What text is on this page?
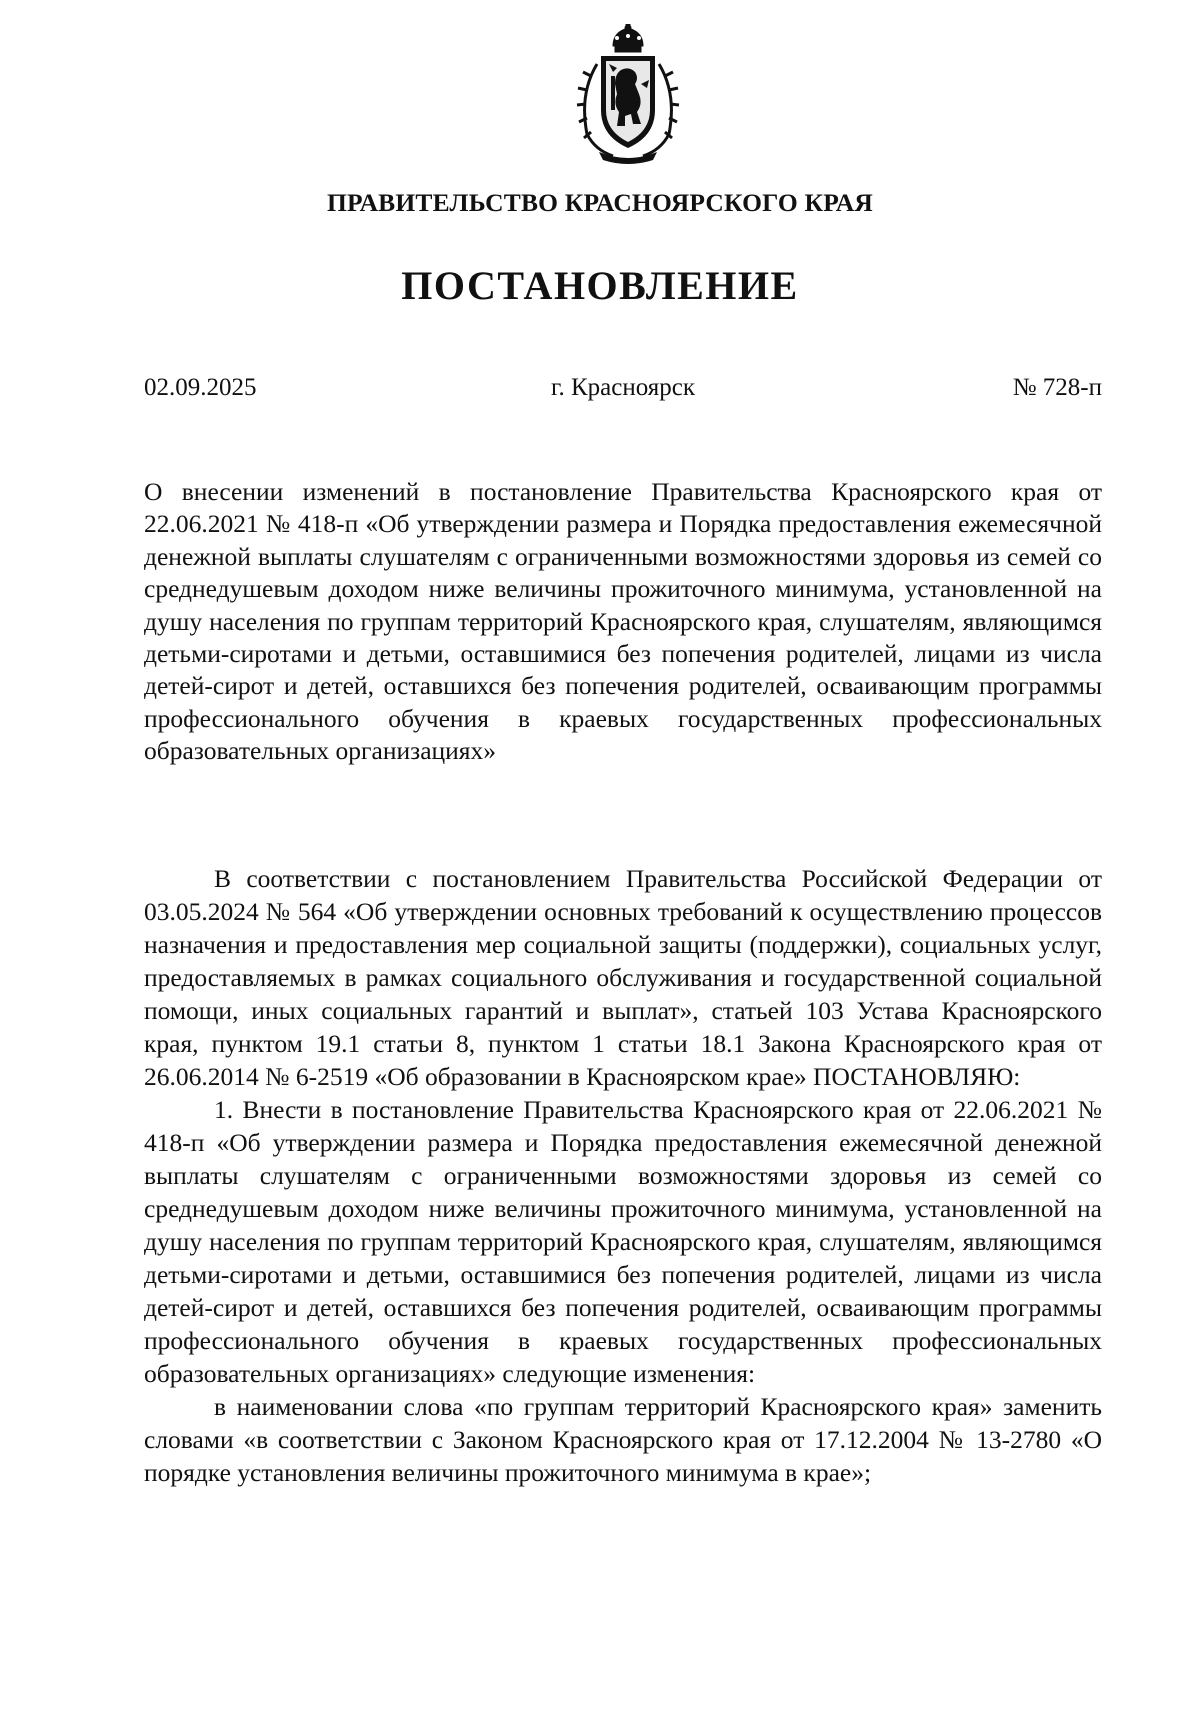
ПРАВИТЕЛЬСТВО КРАСНОЯРСКОГО КРАЯ
ПОСТАНОВЛЕНИЕ
02.09.2025	г. Красноярск	№ 728-п
О внесении изменений в постановление Правительства Красноярского края от 22.06.2021 № 418-п «Об утверждении размера и Порядка предоставления ежемесячной денежной выплаты слушателям с ограниченными возможностями здоровья из семей со среднедушевым доходом ниже величины прожиточного минимума, установленной на душу населения по группам территорий Красноярского края, слушателям, являющимся детьми-сиротами и детьми, оставшимися без попечения родителей, лицами из числа детей-сирот и детей, оставшихся без попечения родителей, осваивающим программы профессионального обучения в краевых государственных профессиональных образовательных организациях»

В соответствии с постановлением Правительства Российской Федерации от 03.05.2024 № 564 «Об утверждении основных требований к осуществлению процессов назначения и предоставления мер социальной защиты (поддержки), социальных услуг, предоставляемых в рамках социального обслуживания и государственной социальной помощи, иных социальных гарантий и выплат», статьей 103 Устава Красноярского края, пунктом 19.1 статьи 8, пунктом 1 статьи 18.1 Закона Красноярского края от 26.06.2014 № 6-2519 «Об образовании в Красноярском крае» ПОСТАНОВЛЯЮ:

1. Внести в постановление Правительства Красноярского края от 22.06.2021 № 418-п «Об утверждении размера и Порядка предоставления ежемесячной денежной выплаты слушателям с ограниченными возможностями здоровья из семей со среднедушевым доходом ниже величины прожиточного минимума, установленной на душу населения по группам территорий Красноярского края, слушателям, являющимся детьми-сиротами и детьми, оставшимися без попечения родителей, лицами из числа детей-сирот и детей, оставшихся без попечения родителей, осваивающим программы профессионального обучения в краевых государственных профессиональных образовательных организациях» следующие изменения:

в наименовании слова «по группам территорий Красноярского края» заменить словами «в соответствии с Законом Красноярского края от 17.12.2004 № 13-2780 «О порядке установления величины прожиточного минимума в крае»;
